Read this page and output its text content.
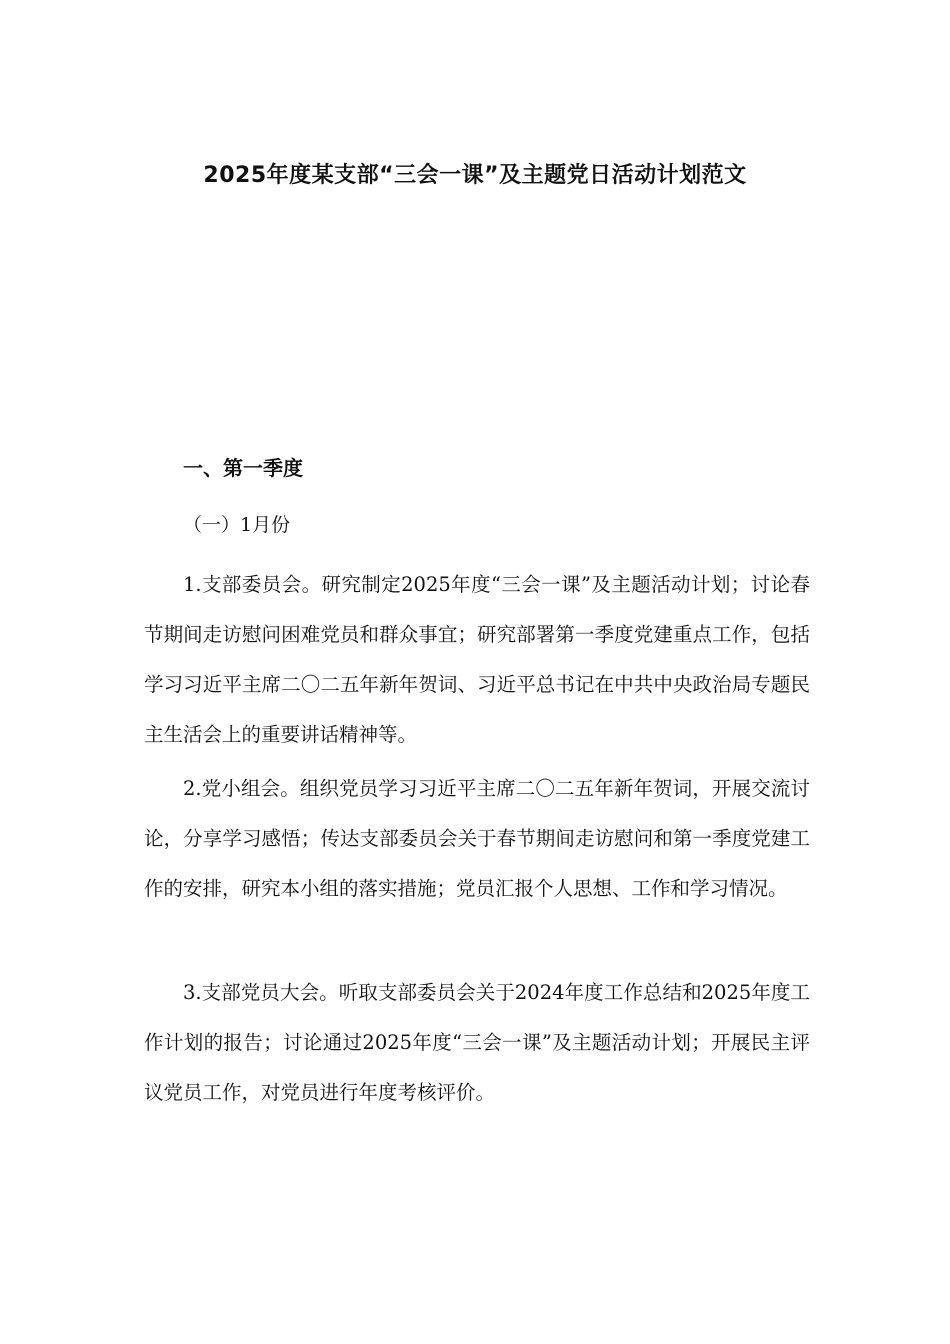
2025年度某支部“三会一课”及主题党日活动计划范文
一、第一季度
（一）1月份

1.支部委员会。研究制定2025年度“三会一课”及主题活动计划；讨论春节期间走访慰问困难党员和群众事宜；研究部署第一季度党建重点工作，包括学习习近平主席二〇二五年新年贺词、习近平总书记在中共中央政治局专题民主生活会上的重要讲话精神等。

2.党小组会。组织党员学习习近平主席二〇二五年新年贺词，开展交流讨论，分享学习感悟；传达支部委员会关于春节期间走访慰问和第一季度党建工作的安排，研究本小组的落实措施；党员汇报个人思想、工作和学习情况。

3.支部党员大会。听取支部委员会关于2024年度工作总结和2025年度工作计划的报告；讨论通过2025年度“三会一课”及主题活动计划；开展民主评议党员工作，对党员进行年度考核评价。
